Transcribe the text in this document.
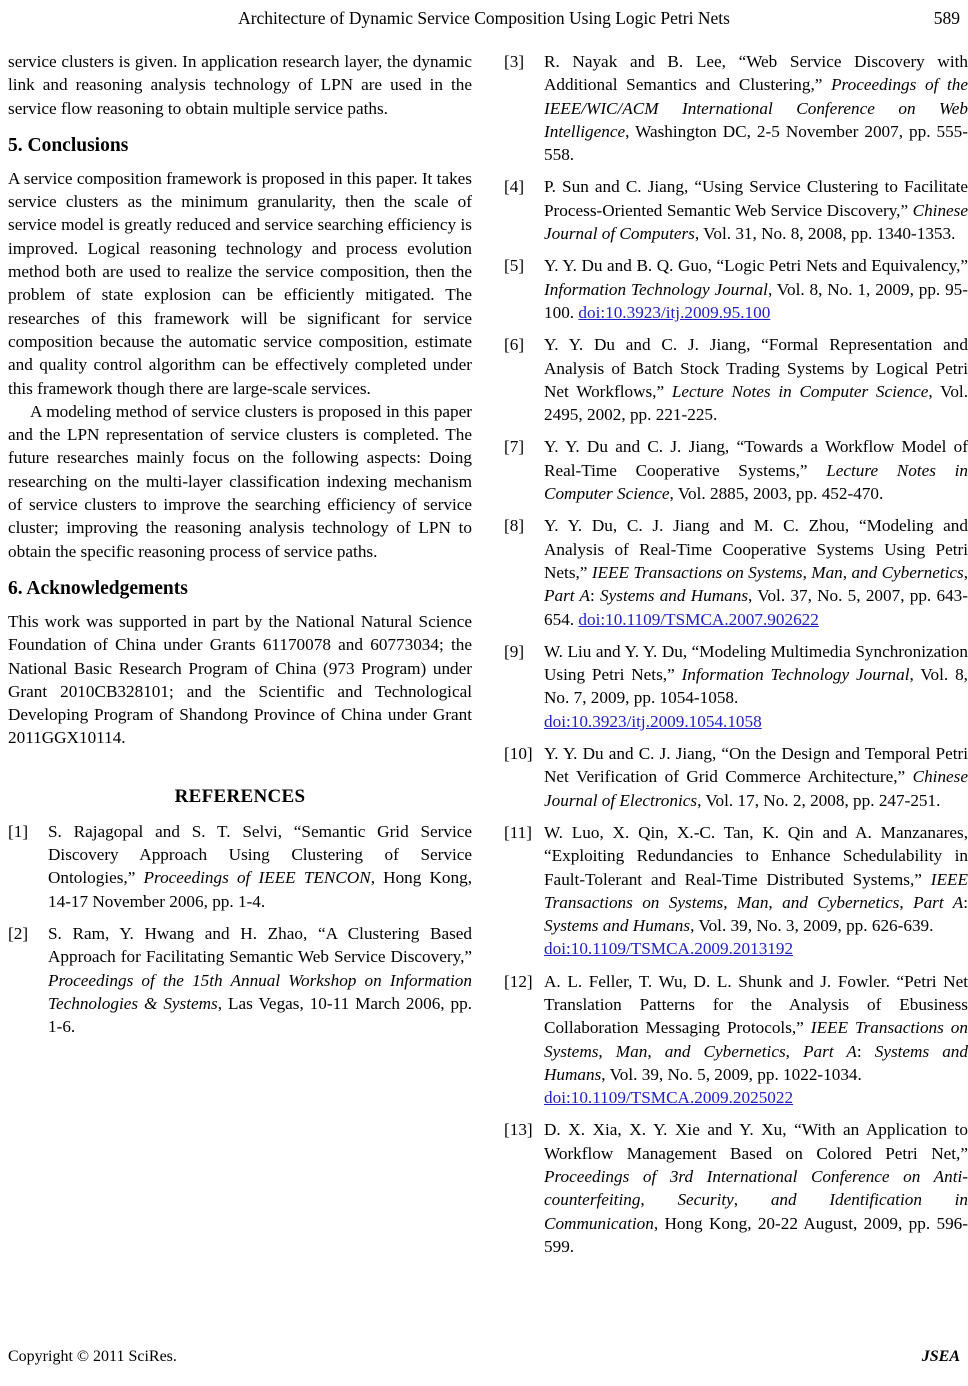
Architecture of Dynamic Service Composition Using Logic Petri Nets	589

service clusters is given. In application research layer, the dynamic link and reasoning analysis technology of LPN are used in the service flow reasoning to obtain multiple service paths.

5. Conclusions

A service composition framework is proposed in this paper. It takes service clusters as the minimum granularity, then the scale of service model is greatly reduced and service searching efficiency is improved. Logical reasoning technology and process evolution method both are used to realize the service composition, then the problem of state explosion can be efficiently mitigated. The researches of this framework will be significant for service composition because the automatic service composition, estimate and quality control algorithm can be effectively completed under this framework though there are large-scale services.

A modeling method of service clusters is proposed in this paper and the LPN representation of service clusters is completed. The future researches mainly focus on the following aspects: Doing researching on the multi-layer classification indexing mechanism of service clusters to improve the searching efficiency of service cluster; improving the reasoning analysis technology of LPN to obtain the specific reasoning process of service paths.

6. Acknowledgements

This work was supported in part by the National Natural Science Foundation of China under Grants 61170078 and 60773034; the National Basic Research Program of China (973 Program) under Grant 2010CB328101; and the Scientific and Technological Developing Program of Shandong Province of China under Grant 2011GGX10114.

REFERENCES
[1]	S. Rajagopal and S. T. Selvi, “Semantic Grid Service Discovery Approach Using Clustering of Service Ontologies,” Proceedings of IEEE TENCON, Hong Kong, 14-17 November 2006, pp. 1-4.
[2]	S. Ram, Y. Hwang and H. Zhao, “A Clustering Based Approach for Facilitating Semantic Web Service Discovery,” Proceedings of the 15th Annual Workshop on Information Technologies & Systems, Las Vegas, 10-11 March 2006, pp. 1-6.
[3]	R. Nayak and B. Lee, “Web Service Discovery with Additional Semantics and Clustering,” Proceedings of the IEEE/WIC/ACM International Conference on Web Intelligence, Washington DC, 2-5 November 2007, pp. 555-558.
[4]	P. Sun and C. Jiang, “Using Service Clustering to Facilitate Process-Oriented Semantic Web Service Discovery,” Chinese Journal of Computers, Vol. 31, No. 8, 2008, pp. 1340-1353.
[5]	Y. Y. Du and B. Q. Guo, “Logic Petri Nets and Equivalency,” Information Technology Journal, Vol. 8, No. 1, 2009, pp. 95-100. doi:10.3923/itj.2009.95.100
[6]	Y. Y. Du and C. J. Jiang, “Formal Representation and Analysis of Batch Stock Trading Systems by Logical Petri Net Workflows,” Lecture Notes in Computer Science, Vol. 2495, 2002, pp. 221-225.
[7]	Y. Y. Du and C. J. Jiang, “Towards a Workflow Model of Real-Time Cooperative Systems,” Lecture Notes in Computer Science, Vol. 2885, 2003, pp. 452-470.
[8]	Y. Y. Du, C. J. Jiang and M. C. Zhou, “Modeling and Analysis of Real-Time Cooperative Systems Using Petri Nets,” IEEE Transactions on Systems, Man, and Cybernetics, Part A: Systems and Humans, Vol. 37, No. 5, 2007, pp. 643-654. doi:10.1109/TSMCA.2007.902622
[9]	W. Liu and Y. Y. Du, “Modeling Multimedia Synchronization Using Petri Nets,” Information Technology Journal, Vol. 8, No. 7, 2009, pp. 1054-1058.
doi:10.3923/itj.2009.1054.1058
[10] Y. Y. Du and C. J. Jiang, “On the Design and Temporal Petri Net Verification of Grid Commerce Architecture,” Chinese Journal of Electronics, Vol. 17, No. 2, 2008, pp. 247-251.
[11] W. Luo, X. Qin, X.-C. Tan, K. Qin and A. Manzanares, “Exploiting Redundancies to Enhance Schedulability in Fault-Tolerant and Real-Time Distributed Systems,” IEEE Transactions on Systems, Man, and Cybernetics, Part A: Systems and Humans, Vol. 39, No. 3, 2009, pp. 626-639.
doi:10.1109/TSMCA.2009.2013192
[12] A. L. Feller, T. Wu, D. L. Shunk and J. Fowler. “Petri Net Translation Patterns for the Analysis of Ebusiness Collaboration Messaging Protocols,” IEEE Transactions on Systems, Man, and Cybernetics, Part A: Systems and Humans, Vol. 39, No. 5, 2009, pp. 1022-1034.
doi:10.1109/TSMCA.2009.2025022
[13] D. X. Xia, X. Y. Xie and Y. Xu, “With an Application to Workflow Management Based on Colored Petri Net,” Proceedings of 3rd International Conference on Anti-counterfeiting, Security, and Identification in Communication, Hong Kong, 20-22 August, 2009, pp. 596-599.
Copyright © 2011 SciRes.	JSEA
